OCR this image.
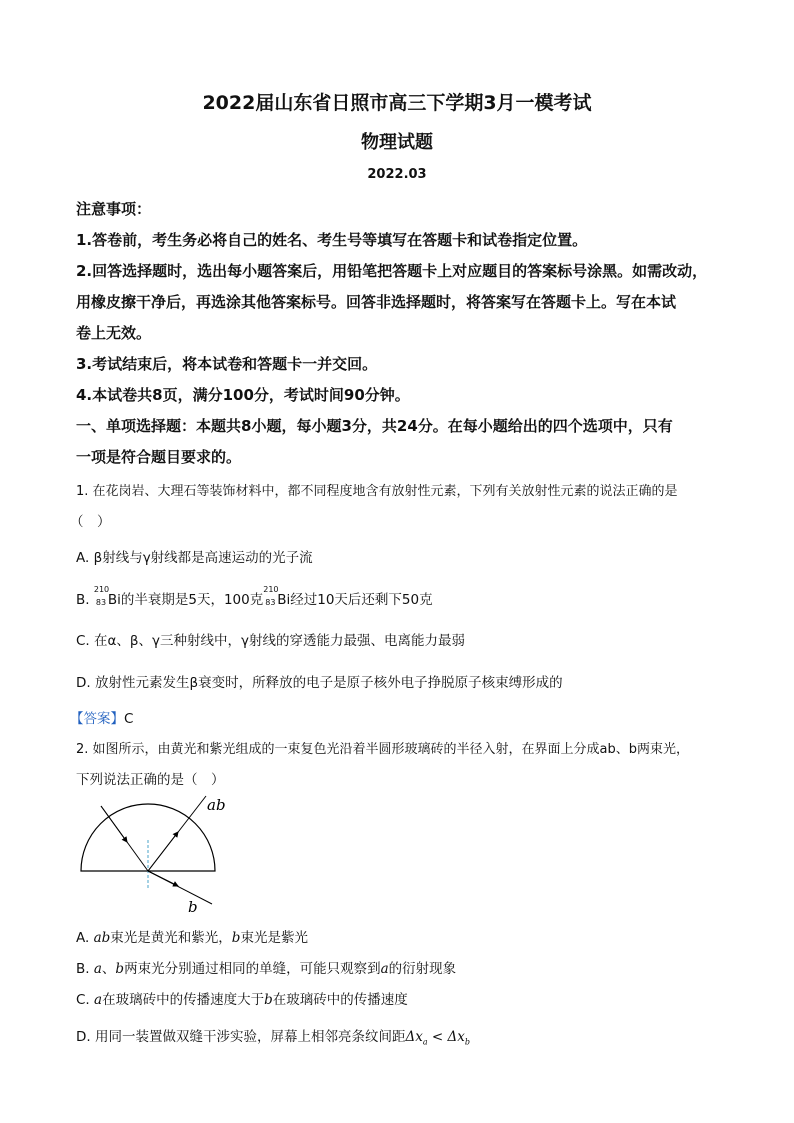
2022届山东省日照市高三下学期3月一模考试
物理试题
2022.03
注意事项：
1.答卷前，考生务必将自己的姓名、考生号等填写在答题卡和试卷指定位置。
2.回答选择题时，选出每小题答案后，用铅笔把答题卡上对应题目的答案标号涂黑。如需改动，
用橡皮擦干净后，再选涂其他答案标号。回答非选择题时，将答案写在答题卡上。写在本试
卷上无效。
3.考试结束后，将本试卷和答题卡一并交回。
4.本试卷共8页，满分100分，考试时间90分钟。
一、单项选择题：本题共8小题，每小题3分，共24分。在每小题给出的四个选项中，只有
一项是符合题目要求的。
1. 在花岗岩、大理石等装饰材料中，都不同程度地含有放射性元素，下列有关放射性元素的说法正确的是
（　）
A. β射线与γ射线都是高速运动的光子流
B.
210
83 Bi的半衰期是5天，100克
210
83 Bi经过10天后还剩下50克
C. 在α、β、γ三种射线中，γ射线的穿透能力最强、电离能力最弱
D. 放射性元素发生β衰变时，所释放的电子是原子核外电子挣脱原子核束缚形成的
【答案】C
2. 如图所示，由黄光和紫光组成的一束复色光沿着半圆形玻璃砖的半径入射，在界面上分成ab、b两束光，
下列说法正确的是（　）
ab
b
A. ab束光是黄光和紫光，b束光是紫光
B. a、b两束光分别通过相同的单缝，可能只观察到a的衍射现象
C. a在玻璃砖中的传播速度大于b在玻璃砖中的传播速度
D. 用同一装置做双缝干涉实验，屏幕上相邻亮条纹间距$\Delta x_a < \Delta x_b$
